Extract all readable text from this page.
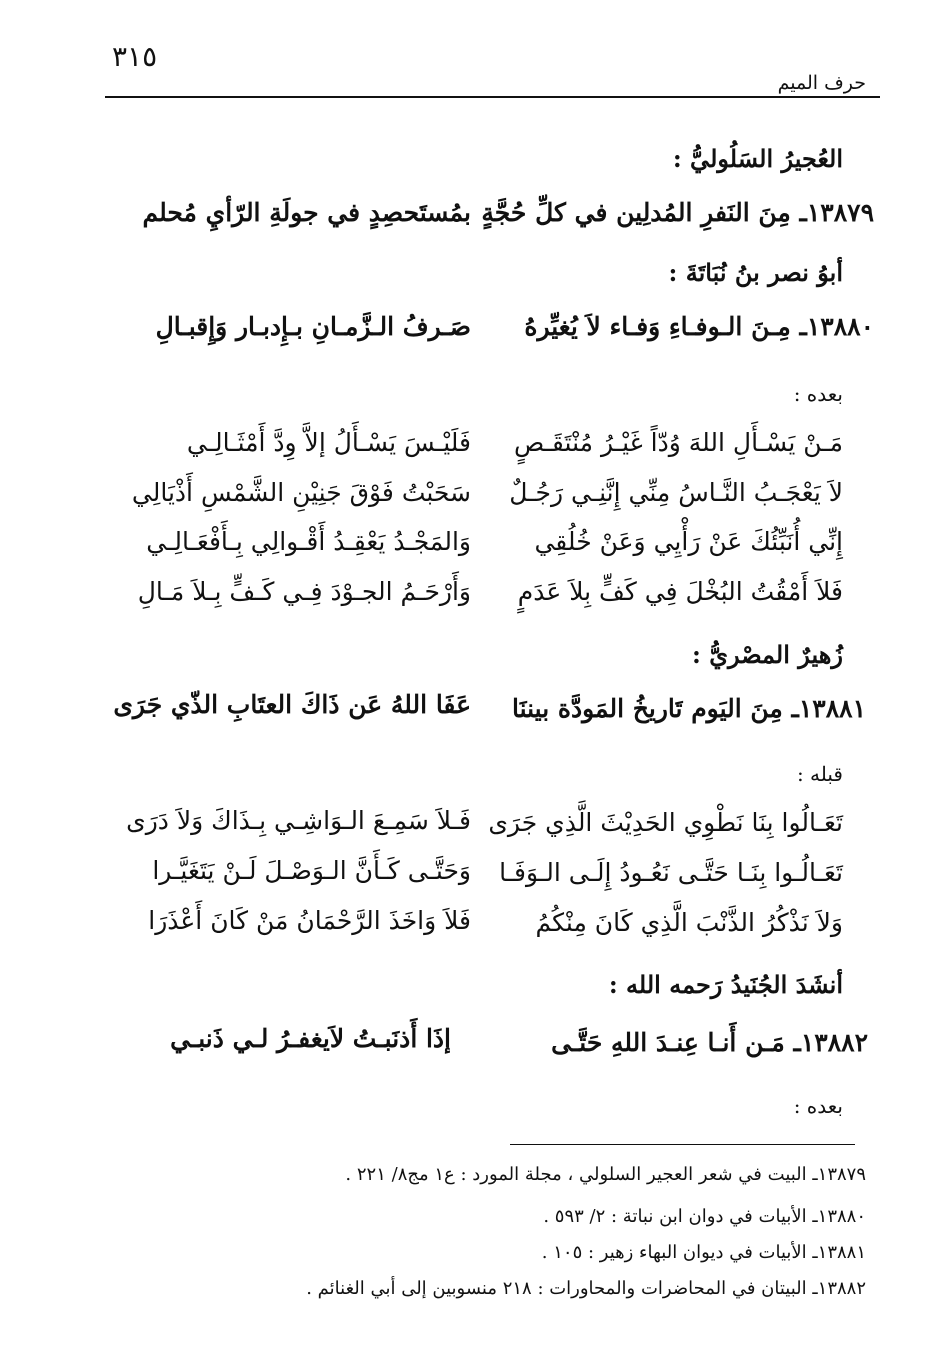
٣١٥
حرف الميم
العُجيرُ السَلُوليُّ :
١٣٨٧٩ـ مِنَ النَفرِ المُدلِين في كلِّ حُجَّةٍ
بمُستَحصِدٍ في جولَةِ الرّأيِ مُحلم
أبوُ نصر بنُ نُبَاتَةَ :
١٣٨٨٠ـ مِـنَ الـوفـاءِ وَفـاء لاَ يُغيِّرهُ
صَـرفُ الـزَّمـانِ بـإِدبـار وَإِقبـالِ
بعده :
مَـنْ يَسْـأَلِ اللهَ وُدّاً غَيْـرُ مُنْتَقَـصٍ
فَلَيْـسَ يَسْـأَلُ إلاَّ وِدَّ أَمْثَـالِـي
لاَ يَعْجَـبُ النَّـاسُ مِنِّي إِنَّنِـي رَجُـلٌ
سَحَبْتُ فَوْقَ جَنِيْنِ الشَّمْسِ أَذْيَالِي
إِنِّي أُنَبِّئُكَ عَنْ رَأْيِي وَعَنْ خُلُقِي
وَالمَجْـدُ يَعْقِـدُ أَقْـوالِي بِـأَفْعَـالِـي
فَلاَ أَمْقُتُ البُخْلَ فِي كَفٍّ بِلاَ عَدَمٍ
وَأَرْحَـمُ الجـوْدَ فِـي كَـفٍّ بِـلاَ مَـالِ
زُهيرٌ المصْريُّ :
١٣٨٨١ـ مِنَ اليَوم تَاريخُ المَودَّة بيننَا
عَفَا اللهُ عَن ذَاكَ العتَابِ الذّي جَرَى
قبله :
تَعَـالُوا بِنَا نَطْوِي الحَدِيْثَ الَّذِي جَرَى
فَـلاَ سَمِـعَ الـوَاشِـي بِـذَاكَ وَلاَ دَرَى
تَعَـالُـوا بِنَـا حَتَّـى نَعُـودُ إِلَـى الـوَفَـا
وَحَتَّـى كَـأَنَّ الـوَصْـلَ لَـنْ يَتَغَيَّـرا
وَلاَ نَذْكُرُ الذَّنْبَ الَّذِي كَانَ مِنْكُمُ
فَلاَ وَاخَذَ الرَّحْمَانُ مَنْ كَانَ أَعْذَرَا
أنشَدَ الجُنَيدُ رَحمه الله :
١٣٨٨٢ـ مَـن أَنـا عِنـدَ اللهِ حَتَّـى
إذَا أَذنَبـتُ لاَيغفـرُ لـي ذَنبـي
بعده :
١٣٨٧٩ـ البيت في شعر العجير السلولي ، مجلة المورد : ع١ مج٨/ ٢٢١ .
١٣٨٨٠ـ الأبيات في دوان ابن نباتة : ٢/ ٥٩٣ .
١٣٨٨١ـ الأبيات في ديوان البهاء زهير : ١٠٥ .
١٣٨٨٢ـ البيتان في المحاضرات والمحاورات : ٢١٨ منسوبين إلى أبي الغنائم .
